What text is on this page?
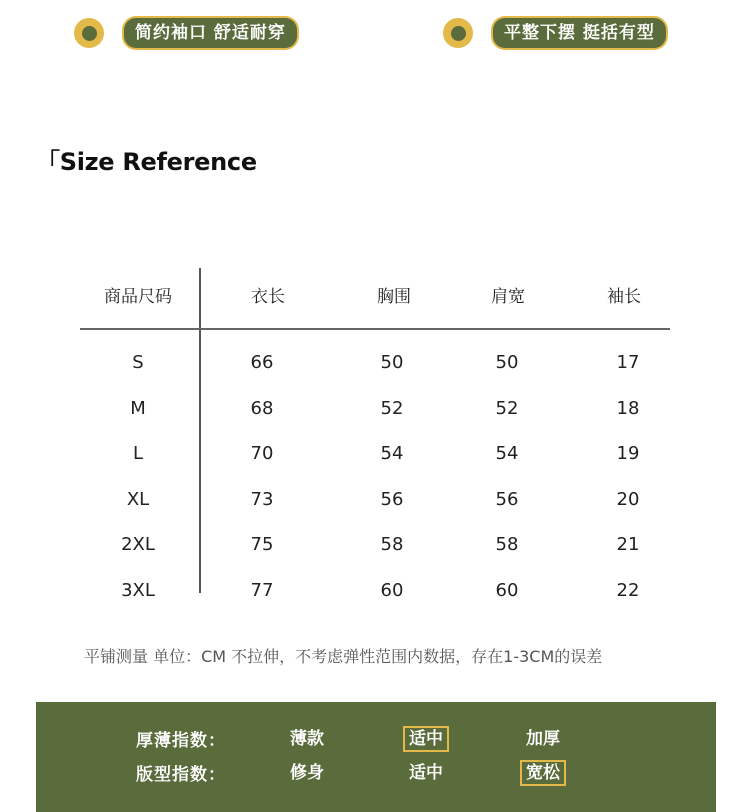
简约袖口 舒适耐穿	平整下摆 挺括有型
「Size Reference
商品尺码	衣长	胸围	肩宽	袖长
S	66	50	50	17
M	68	52	52	18
L	70	54	54	19
XL	73	56	56	20
2XL	75	58	58	21
3XL	77	60	60	22
平铺测量 单位：CM 不拉伸，不考虑弹性范围内数据，存在1-3CM的误差
厚薄指数：	薄款	适中	加厚
版型指数：	修身	适中	宽松
